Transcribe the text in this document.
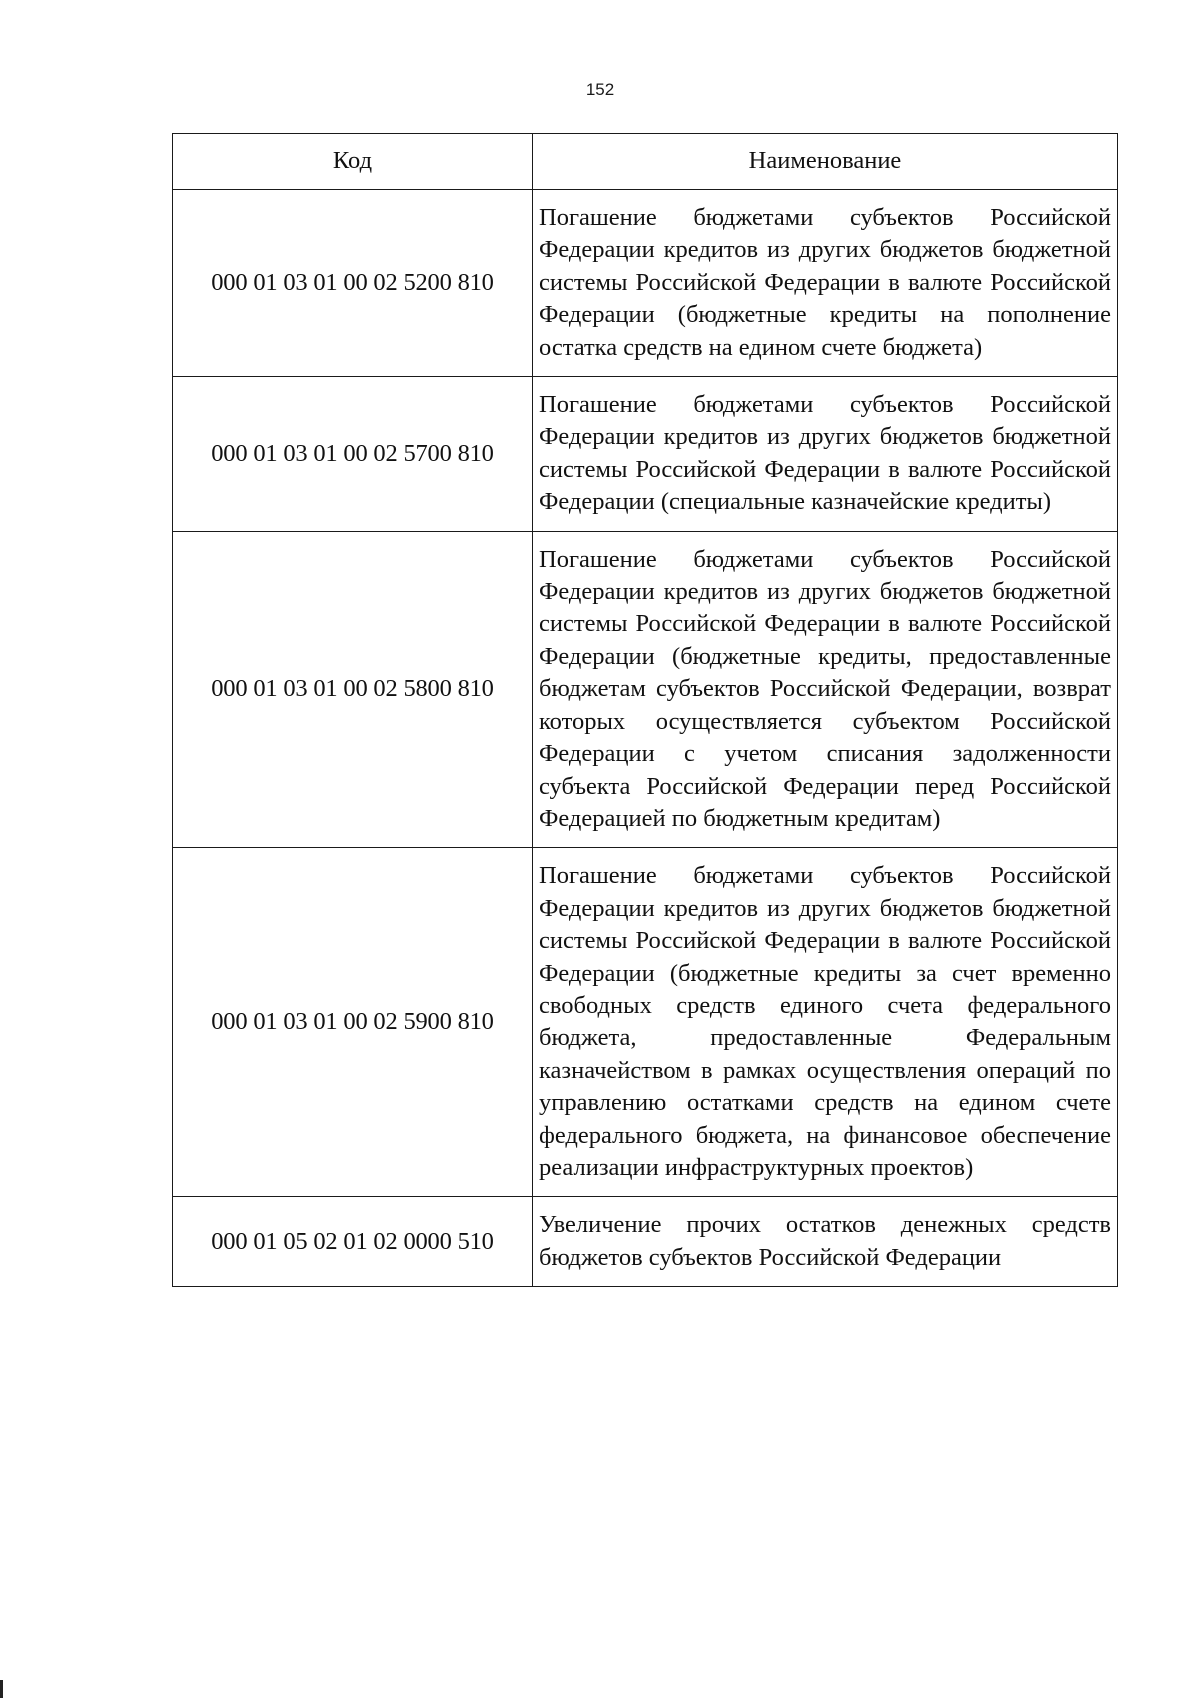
152
Код	Наименование
000 01 03 01 00 02 5200 810	Погашение бюджетами субъектов Российской Федерации кредитов из других бюджетов бюджетной системы Российской Федерации в валюте Российской Федерации (бюджетные кредиты на пополнение остатка средств на едином счете бюджета)

000 01 03 01 00 02 5700 810	Погашение бюджетами субъектов Российской Федерации кредитов из других бюджетов бюджетной системы Российской Федерации в валюте Российской Федерации (специальные казначейские кредиты)

000 01 03 01 00 02 5800 810	Погашение бюджетами субъектов Российской Федерации кредитов из других бюджетов бюджетной системы Российской Федерации в валюте Российской Федерации (бюджетные кредиты, предоставленные бюджетам субъектов Российской Федерации, возврат которых осуществляется субъектом Российской Федерации с учетом списания задолженности субъекта Российской Федерации перед Российской Федерацией по бюджетным кредитам)

000 01 03 01 00 02 5900 810	Погашение бюджетами субъектов Российской Федерации кредитов из других бюджетов бюджетной системы Российской Федерации в валюте Российской Федерации (бюджетные кредиты за счет временно свободных средств единого счета федерального бюджета, предоставленные Федеральным казначейством в рамках осуществления операций по управлению остатками средств на едином счете федерального бюджета, на финансовое обеспечение реализации инфраструктурных проектов)

000 01 05 02 01 02 0000 510	Увеличение прочих остатков денежных средств бюджетов субъектов Российской Федерации
